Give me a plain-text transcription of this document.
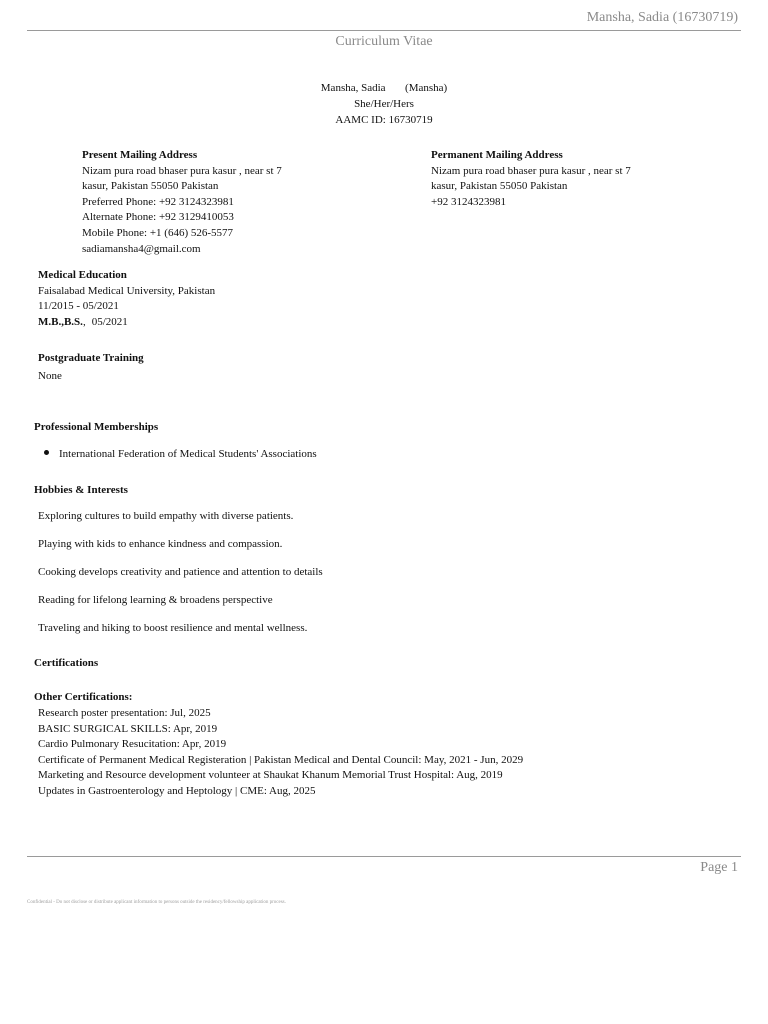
Mansha, Sadia (16730719)
Curriculum Vitae
Mansha, Sadia (Mansha)
She/Her/Hers
AAMC ID: 16730719
Present Mailing Address
Nizam pura road bhaser pura kasur , near st 7
kasur, Pakistan 55050 Pakistan
Preferred Phone: +92 3124323981
Alternate Phone: +92 3129410053
Mobile Phone: +1 (646) 526-5577
sadiamansha4@gmail.com
Permanent Mailing Address
Nizam pura road bhaser pura kasur , near st 7
kasur, Pakistan 55050 Pakistan
+92 3124323981
Medical Education
Faisalabad Medical University, Pakistan
11/2015 - 05/2021
M.B.,B.S., 05/2021
Postgraduate Training
None
Professional Memberships
International Federation of Medical Students' Associations
Hobbies & Interests
Exploring cultures to build empathy with diverse patients.
Playing with kids to enhance kindness and compassion.
Cooking develops creativity and patience and attention to details
Reading for lifelong learning & broadens perspective
Traveling and hiking to boost resilience and mental wellness.
Certifications
Other Certifications:
Research poster presentation: Jul, 2025
BASIC SURGICAL SKILLS: Apr, 2019
Cardio Pulmonary Resucitation: Apr, 2019
Certificate of Permanent Medical Registeration | Pakistan Medical and Dental Council: May, 2021 - Jun, 2029
Marketing and Resource development volunteer at Shaukat Khanum Memorial Trust Hospital: Aug, 2019
Updates in Gastroenterology and Heptology | CME: Aug, 2025
Page 1
Confidential - Do not disclose or distribute applicant information to persons outside the residency/fellowship application process.
